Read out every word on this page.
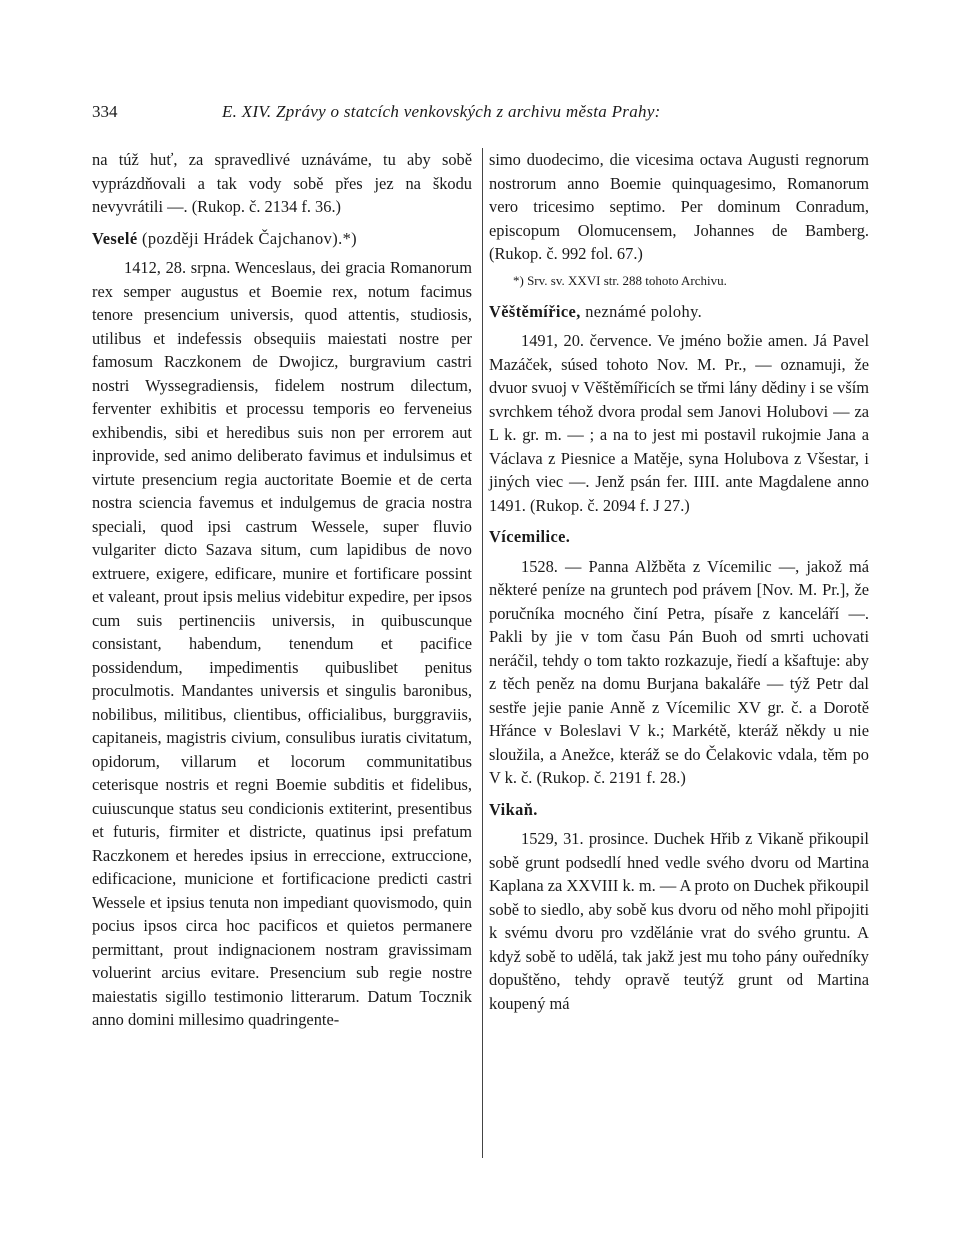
334	E. XIV. Zprávy o statcích venkovských z archivu města Prahy:

na túž huť, za spravedlivé uznáváme, tu aby sobě vyprázdňovali a tak vody sobě přes jez na škodu nevyvrátili —. (Rukop. č. 2134 f. 36.)

Veselé (později Hrádek Čajchanov).*)

1412, 28. srpna. Wenceslaus, dei gracia Romanorum rex semper augustus et Boemie rex, notum facimus tenore presencium universis, quod attentis, studiosis, utilibus et indefessis obsequiis maiestati nostre per famosum Raczkonem de Dwojicz, burgravium castri nostri Wyssegradiensis, fidelem nostrum dilectum, ferventer exhibitis et processu temporis eo ferveneius exhibendis, sibi et heredibus suis non per errorem aut inprovide, sed animo deliberato favimus et indulsimus et virtute presencium regia auctoritate Boemie et de certa nostra sciencia favemus et indulgemus de gracia nostra speciali, quod ipsi castrum Wessele, super fluvio vulgariter dicto Sazava situm, cum lapidibus de novo extruere, exigere, edificare, munire et fortificare possint et valeant, prout ipsis melius videbitur expedire, per ipsos cum suis pertinenciis universis, in quibuscunque consistant, habendum, tenendum et pacifice possidendum, impedimentis quibuslibet penitus proculmotis. Mandantes universis et singulis baronibus, nobilibus, militibus, clientibus, officialibus, burggraviis, capitaneis, magistris civium, consulibus iuratis civitatum, opidorum, villarum et locorum communitatibus ceterisque nostris et regni Boemie subditis et fidelibus, cuiuscunque status seu condicionis extiterint, presentibus et futuris, firmiter et districte, quatinus ipsi prefatum Raczkonem et heredes ipsius in erreccione, extruccione, edificacione, municione et fortificacione predicti castri Wessele et ipsius tenuta non impediant quovismodo, quin pocius ipsos circa hoc pacificos et quietos permanere permittant, prout indignacionem nostram gravissimam voluerint arcius evitare. Presencium sub regie nostre maiestatis sigillo testimonio litterarum. Datum Tocznik anno domini millesimo quadringente-

simo duodecimo, die vicesima octava Augusti regnorum nostrorum anno Boemie quinquagesimo, Romanorum vero tricesimo septimo. Per dominum Conradum, episcopum Olomucensem, Johannes de Bamberg. (Rukop. č. 992 fol. 67.)

*) Srv. sv. XXVI str. 288 tohoto Archivu.

Věštěmířice, neznámé polohy.

1491, 20. července. Ve jméno božie amen. Já Pavel Mazáček, súsed tohoto Nov. M. Pr., — oznamuji, že dvuor svuoj v Věštěmířicích se třmi lány dědiny i se vším svrchkem téhož dvora prodal sem Janovi Holubovi — za L k. gr. m. — ; a na to jest mi postavil rukojmie Jana a Václava z Piesnice a Matěje, syna Holubova z Všestar, i jiných viec —. Jenž psán fer. IIII. ante Magdalene anno 1491. (Rukop. č. 2094 f. J 27.)

Vícemilice.

1528. — Panna Alžběta z Vícemilic —, jakož má některé peníze na gruntech pod právem [Nov. M. Pr.], že poručníka mocného činí Petra, písaře z kanceláří —. Pakli by jie v tom času Pán Buoh od smrti uchovati neráčil, tehdy o tom takto rozkazuje, řiedí a kšaftuje: aby z těch peněz na domu Burjana bakaláře — týž Petr dal sestře jejie panie Anně z Vícemilic XV gr. č. a Dorotě Hřánce v Boleslavi V k.; Markétě, kteráž někdy u nie sloužila, a Anežce, kteráž se do Čelakovic vdala, těm po V k. č. (Rukop. č. 2191 f. 28.)

Vikaň.

1529, 31. prosince. Duchek Hřib z Vikaně přikoupil sobě grunt podsedlí hned vedle svého dvoru od Martina Kaplana za XXVIII k. m. — A proto on Duchek přikoupil sobě to siedlo, aby sobě kus dvoru od něho mohl připojiti k svému dvoru pro vzdělánie vrat do svého gruntu. A když sobě to udělá, tak jakž jest mu toho pány ouředníky dopuštěno, tehdy opravě teutýž grunt od Martina koupený má
